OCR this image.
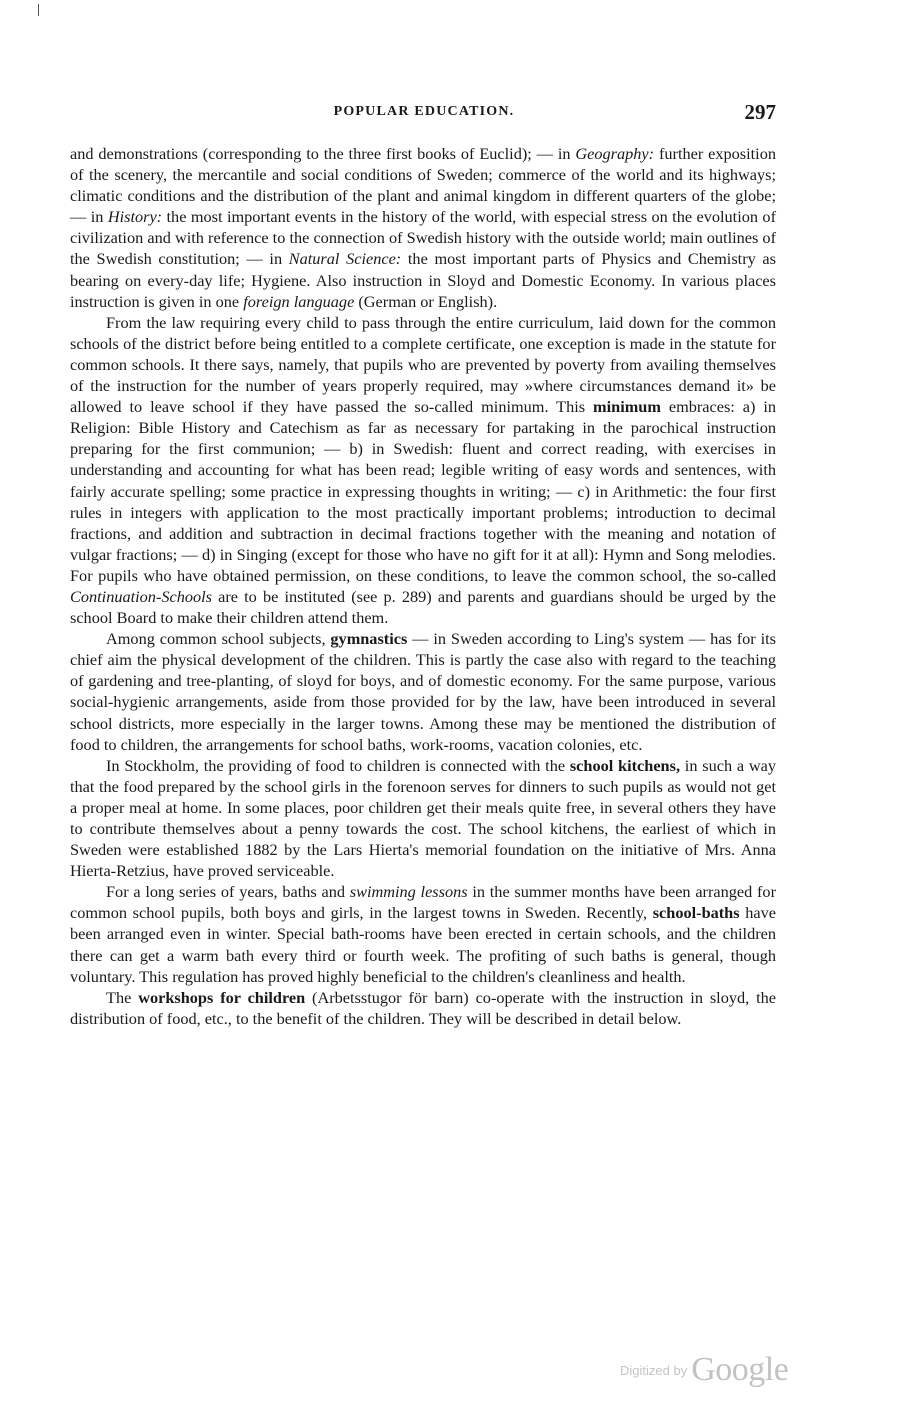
POPULAR EDUCATION.	297

and demonstrations (corresponding to the three first books of Euclid); — in Geography: further exposition of the scenery, the mercantile and social conditions of Sweden; commerce of the world and its highways; climatic conditions and the distribution of the plant and animal kingdom in different quarters of the globe; — in History: the most important events in the history of the world, with especial stress on the evolution of civilization and with reference to the connection of Swedish history with the outside world; main outlines of the Swedish constitution; — in Natural Science: the most important parts of Physics and Chemistry as bearing on every-day life; Hygiene. Also instruction in Sloyd and Domestic Economy. In various places instruction is given in one foreign language (German or English).

From the law requiring every child to pass through the entire curriculum, laid down for the common schools of the district before being entitled to a complete certificate, one exception is made in the statute for common schools. It there says, namely, that pupils who are prevented by poverty from availing themselves of the instruction for the number of years properly required, may »where circumstances demand it» be allowed to leave school if they have passed the so-called minimum. This minimum embraces: a) in Religion: Bible History and Catechism as far as necessary for partaking in the parochical instruction preparing for the first communion; — b) in Swedish: fluent and correct reading, with exercises in understanding and accounting for what has been read; legible writing of easy words and sentences, with fairly accurate spelling; some practice in expressing thoughts in writing; — c) in Arithmetic: the four first rules in integers with application to the most practically important problems; introduction to decimal fractions, and addition and subtraction in decimal fractions together with the meaning and notation of vulgar fractions; — d) in Singing (except for those who have no gift for it at all): Hymn and Song melodies. For pupils who have obtained permission, on these conditions, to leave the common school, the so-called Continuation-Schools are to be instituted (see p. 289) and parents and guardians should be urged by the school Board to make their children attend them.

Among common school subjects, gymnastics — in Sweden according to Ling's system — has for its chief aim the physical development of the children. This is partly the case also with regard to the teaching of gardening and tree-planting, of sloyd for boys, and of domestic economy. For the same purpose, various social-hygienic arrangements, aside from those provided for by the law, have been introduced in several school districts, more especially in the larger towns. Among these may be mentioned the distribution of food to children, the arrangements for school baths, work-rooms, vacation colonies, etc.

In Stockholm, the providing of food to children is connected with the school kitchens, in such a way that the food prepared by the school girls in the forenoon serves for dinners to such pupils as would not get a proper meal at home. In some places, poor children get their meals quite free, in several others they have to contribute themselves about a penny towards the cost. The school kitchens, the earliest of which in Sweden were established 1882 by the Lars Hierta's memorial foundation on the initiative of Mrs. Anna Hierta-Retzius, have proved serviceable.

For a long series of years, baths and swimming lessons in the summer months have been arranged for common school pupils, both boys and girls, in the largest towns in Sweden. Recently, school-baths have been arranged even in winter. Special bath-rooms have been erected in certain schools, and the children there can get a warm bath every third or fourth week. The profiting of such baths is general, though voluntary. This regulation has proved highly beneficial to the children's cleanliness and health.

The workshops for children (Arbetsstugor för barn) co-operate with the instruction in sloyd, the distribution of food, etc., to the benefit of the children. They will be described in detail below.

Digitized by Google
